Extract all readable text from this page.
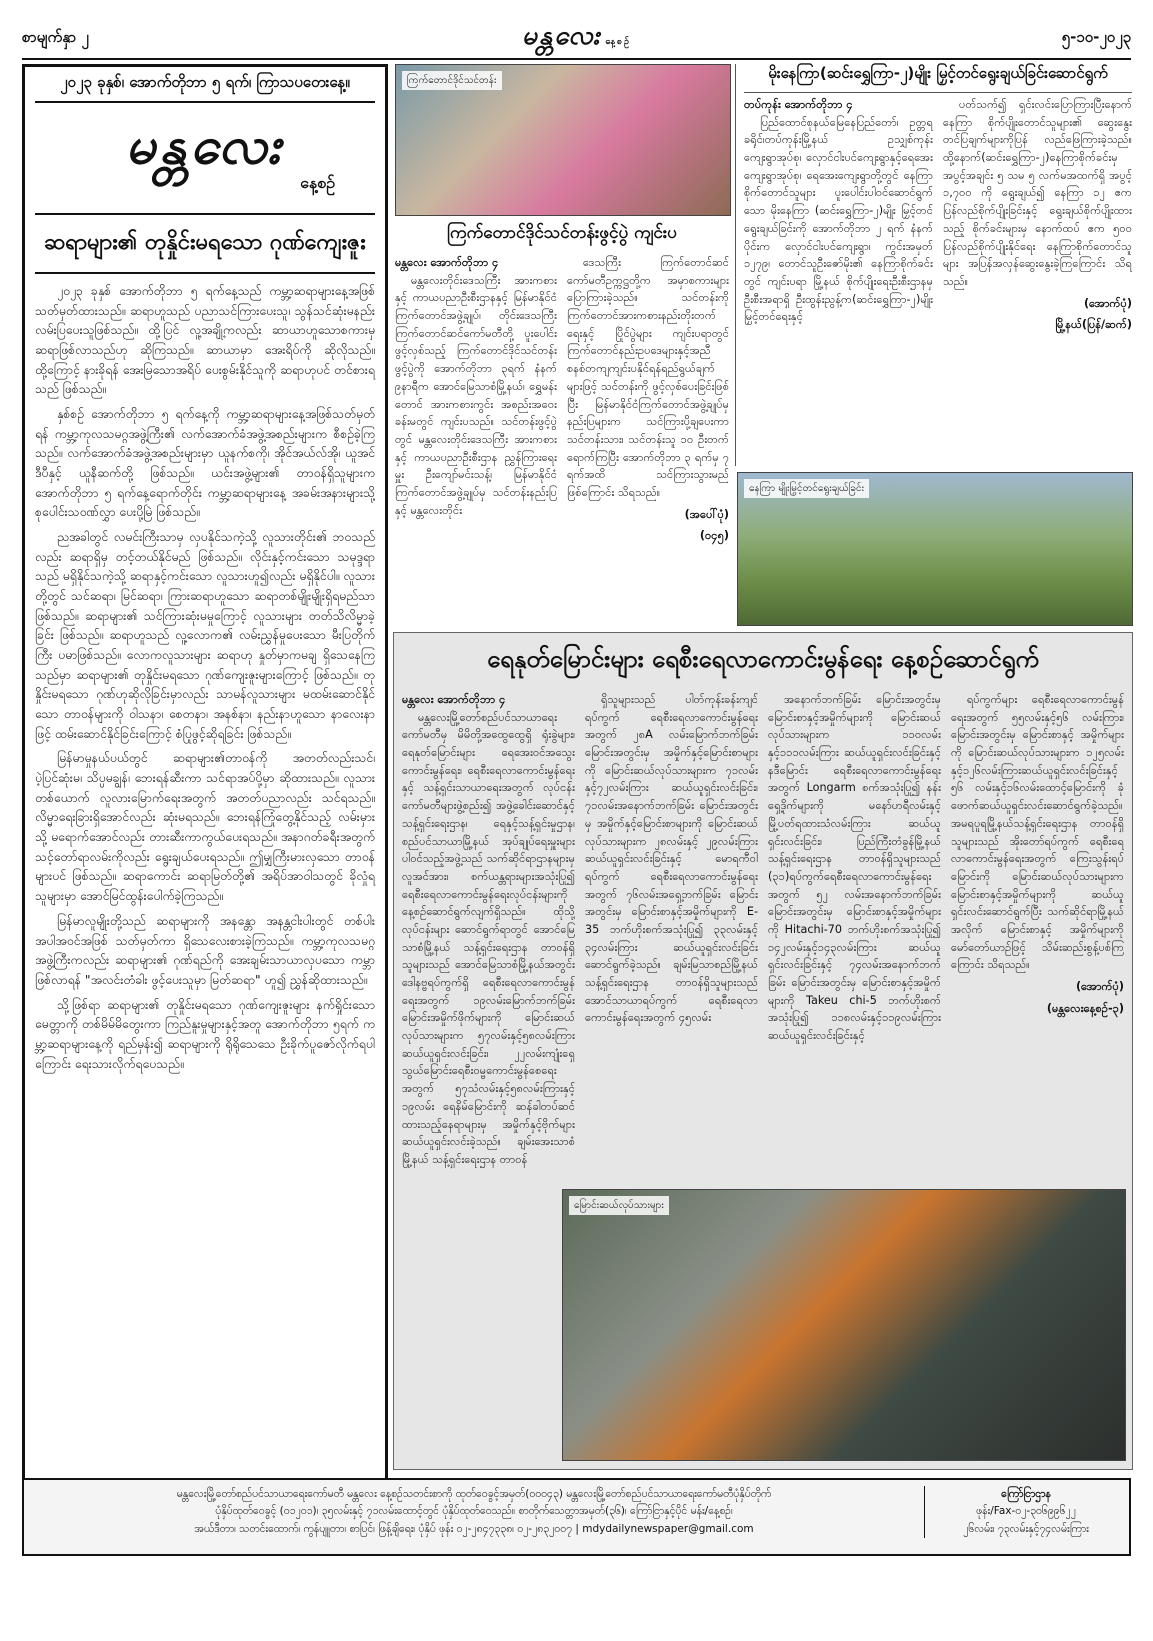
စာမျက်နှာ ၂	မန္တလေး နေ့စဉ်	၅-၁၀-၂၀၂၃
၂၀၂၃ ခုနှစ်၊ အောက်တိုဘာ ၅ ရက်၊ ကြာသပတေးနေ့။
မန္တလေး
နေ့စဉ်
ဆရာများ၏ တုနှိုင်းမရသော ဂုဏ်ကျေးဇူး

၂၀၂၃ ခုနှစ် အောက်တိုဘာ ၅ ရက်နေ့သည် ကမ္ဘာ့ဆရာများနေ့အဖြစ် သတ်မှတ်ထားသည်။ ဆရာဟူသည် ပညာသင်ကြားပေးသူ၊ သွန်သင်ဆုံးမနည်းလမ်းပြပေးသူဖြစ်သည်။ ထို့ပြင် လူ့အချို့ကလည်း ဆာယာဟူသောစကားမှ ဆရာဖြစ်လာသည်ဟု ဆိုကြသည်။ ဆာယာမှာ အေးရိပ်ကို ဆိုလိုသည်။ ထို့ကြောင့် နားခိုရန် အေးမြသောအရိပ် ပေးစွမ်းနိုင်သူကို ဆရာဟုပင် တင်စားရသည် ဖြစ်သည်။

နှစ်စဉ် အောက်တိုဘာ ၅ ရက်နေ့ကို ကမ္ဘာ့ဆရာများနေ့အဖြစ်သတ်မှတ်ရန် ကမ္ဘာ့ကုလသမဂ္ဂအဖွဲ့ကြီး၏ လက်အောက်ခံအဖွဲ့အစည်းများက စီစဉ်ခဲ့ကြသည်။ လက်အောက်ခံအဖွဲ့အစည်းများမှာ ယူနက်စကို၊ အိုင်အယ်လ်အို၊ ယူအင်ဒီပီနှင့် ယူနီဆက်တို့ ဖြစ်သည်။ ယင်းအဖွဲ့များ၏ တာဝန်ရှိသူများက အောက်တိုဘာ ၅ ရက်နေ့ရောက်တိုင်း ကမ္ဘာ့ဆရာများနေ့ အခမ်းအနားများသို့ စုပေါင်းသဝဏ်လွှာ ပေးပို့မြဲ ဖြစ်သည်။

ညအခါတွင် လမင်းကြီးသာမှ လှပနိုင်သကဲ့သို့ လူသားတိုင်း၏ ဘဝသည်လည်း ဆရာရှိမှ တင့်တယ်နိုင်မည် ဖြစ်သည်။ လိုင်းနှင့်ကင်းသော သမုဒ္ဒရာသည် မရှိနိုင်သကဲ့သို့ ဆရာနှင့်ကင်းသော လူသားဟူ၍လည်း မရှိနိုင်ပါ။ လူသားတို့တွင် သင်ဆရာ၊ မြင်ဆရာ၊ ကြားဆရာဟူသော ဆရာတစ်မျိုးမျိုးရှိရမည်သာ ဖြစ်သည်။ ဆရာများ၏ သင်ကြားဆုံးမမှုကြောင့် လူသားများ တတ်သိလိမ္မာခဲ့ခြင်း ဖြစ်သည်။ ဆရာဟူသည် လူ့လောက၏ လမ်းညွှန်မှုပေးသော မီးပြတိုက်ကြီး ပမာဖြစ်သည်။ လောကလူသားများ ဆရာဟု နှုတ်မှာကမချ ရှိသေနေကြသည်မှာ ဆရာများ၏ တုနှိုင်းမရသော ဂုဏ်ကျေးဇူးများကြောင့် ဖြစ်သည်။ တုနှိုင်းမရသော ဂုဏ်ဟုဆိုလိုခြင်းမှာလည်း သာမန်လူသားများ မထမ်းဆောင်နိုင်သော တာဝန်များကို ဝါသနာ၊ စေတနာ၊ အနစ်နာ၊ နည်းနာဟူသော နာလေးနာဖြင့် ထမ်းဆောင်နိုင်ခြင်းကြောင့် စံပြုဖွင့်ဆိုရခြင်း ဖြစ်သည်။

မြန်မာမှုနယ်ပယ်တွင် ဆရာများ၏တာဝန်ကို အတတ်လည်းသင်၊ ပဲ့ပြင်ဆုံးမ၊ သိပ္ပမချွန်၊ ဘေးရန်ဆီးကာ သင်ရာအပ်ပို့မှာ ဆိုထားသည်။ လူသားတစ်ယောက် လူလားမြောက်ရေးအတွက် အတတ်ပညာလည်း သင်ရသည်။ လိမ္မာရေးခြားရှိအောင်လည်း ဆုံးမရသည်။ ဘေးရန်ကြုံတွေ့နိုင်သည့် လမ်းမှားသို့ မရောက်အောင်လည်း တားဆီးကာကွယ်ပေးရသည်။ အနာဂတ်ခရီးအတွက် သင့်တော်ရာလမ်းကိုလည်း ရွေးချယ်ပေးရသည်။ ဤမျှကြီးမားလှသော တာဝန်များပင် ဖြစ်သည်။ ဆရာကောင်း ဆရာမြတ်တို့၏ အရိပ်အာဝါသတွင် ခိုလှုံရသူများမှာ အောင်မြင်ထွန်းပေါက်ခဲ့ကြသည်။

မြန်မာလူမျိုးတို့သည် ဆရာများကို အနန္တော အနန္တငါးပါးတွင် တစ်ပါးအပါအဝင်အဖြစ် သတ်မှတ်ကာ ရှိသေလေးစားခဲ့ကြသည်။ ကမ္ဘာ့ကုလသမဂ္ဂအဖွဲ့ကြီးကလည်း ဆရာများ၏ ဂုဏ်ရည်ကို အေးချမ်းသာယာလှပသော ကမ္ဘာဖြစ်လာရန် "အလင်းတံခါး ဖွင့်ပေးသူမှာ မြတ်ဆရာ" ဟူ၍ ညွှန်ဆိုထားသည်။

သို့ဖြစ်ရာ ဆရာများ၏ တုနှိုင်းမရသော ဂုဏ်ကျေးဇူးများ နက်ရှိုင်းသော မေတ္တာကို တစ်မိမ်မိတွေးကာ ကြည်နူးမှုများနှင့်အတူ အောက်တိုဘာ ၅ရက် ကမ္ဘာ့ဆရာများနေ့ကို ရည်မှန်း၍ ဆရာများကို ရိုရိုသေသေ ဦးခိုက်ပူဇော်လိုက်ရပါကြောင်း ရေးသားလိုက်ရပေသည်။

ကြက်တောင်ဒိုင်သင်တန်း
ကြက်တောင်ဒိုင်သင်တန်းဖွင့်ပွဲ ကျင်းပ
မန္တလေး အောက်တိုဘာ ၄

မန္တလေးတိုင်းဒေသကြီး အားကစားနှင့် ကာယပညာဦးစီးဌာနနှင့် မြန်မာနိုင်ငံကြက်တောင်အဖွဲ့ချုပ်၊ တိုင်းဒေသကြီး ကြက်တောင်ဆင်ကော်မတီတို့ ပူးပေါင်းဖွင့်လှစ်သည့် ကြက်တောင်ဒိုင်သင်တန်းဖွင့်ပွဲကို အောက်တိုဘာ ၃ရက် နံနက် ၉နာရီက အောင်မြေသာစံမြို့နယ်၊ ရွှေမန်းတောင် အားကစားကွင်း အစည်းအဝေးခန်းမတွင် ကျင်းပသည်။ သင်တန်းဖွင့်ပွဲတွင် မန္တလေးတိုင်းဒေသကြီး အားကစားနှင့် ကာယပညာဦးစီးဌာန ညွှန်ကြားရေးမှူး ဦးကျော်မင်းသန့်၊ မြန်မာနိုင်ငံကြက်တောင်အဖွဲ့ချုပ်မှ သင်တန်းနည်းပြနှင့် မန္တလေးတိုင်း

ဒေသကြီး ကြက်တောင်ဆင်ကော်မတီဥက္ကဋ္ဌတို့က အမှာစကားများ ပြောကြားခဲ့သည်။ သင်တန်းကို ကြက်တောင်အားကစားနည်းတိုးတက်ရေးနှင့် ပြိုင်ပွဲများ ကျင်းပရာတွင် ကြက်တောင်နည်းဥပဒေများနှင့်အညီ စနစ်တကျကျင်းပနိုင်ရန်ရည်ရွယ်ချက်များဖြင့် သင်တန်းကို ဖွင့်လှစ်ပေးခြင်းဖြစ်ပြီး မြန်မာနိုင်ငံကြက်တောင်အဖွဲ့ချုပ်မှ နည်းပြများက သင်ကြားပို့ချပေးကာ သင်တန်းသား၊ သင်တန်းသူ ၁၀ ဦးတက်ရောက်ကြပြီး အောက်တိုဘာ ၃ ရက်မှ ၇ ရက်အထိ သင်ကြားသွားမည်ဖြစ်ကြောင်း သိရသည်။

(အပေါ်ပုံ)
(၀၄၅)
မိုးနေကြာ(ဆင်းရွှေကြာ-၂)မျိုး မြှင့်တင်ရွေးချယ်ခြင်းဆောင်ရွက်
တပ်ကုန်း အောက်တိုဘာ ၄

ပြည်ထောင်စုနယ်မြေနေပြည်တော်၊ ဥတ္တရခရိုင်၊တပ်ကုန်းမြို့နယ် ဥသျှစ်ကုန်းကျေးရွာအုပ်စု၊ လှောင်ငါးပင်ကျေးရွာနှင့်ရေအေးကျေးရွာအုပ်စု၊ ရေအေးကျေးရွာတို့တွင် နေကြာစိုက်တောင်သူများ ပူးပေါင်းပါဝင်ဆောင်ရွက်သော မိုးနေကြာ (ဆင်းရွှေကြာ-၂)မျိုး မြှင့်တင်ရွေးချယ်ခြင်းကို အောက်တိုဘာ ၂ ရက် နံနက်ပိုင်းက လှောင်ငါးပင်ကျေးရွာ၊ ကွင်းအမှတ် ၁၂၇၉၊ တောင်သူဦးဇော်မိုး၏ နေကြာစိုက်ခင်းတွင် ကျင်းပရာ မြို့နယ် စိုက်ပျိုးရေးဦးစီးဌာနမှ ဦးစီးအရာရှိ ဦးထွန်းညွန့်က(ဆင်းရွှေကြာ-၂)မျိုး မြှင့်တင်ရေးနှင့်

ပတ်သက်၍ ရှင်းလင်းပြောကြားပြီးနောက် နေကြာ စိုက်ပျိုးတောင်သူများ၏ ဆွေးနွေးတင်ပြချက်များကိုပြန် လည်ဖြေကြားခဲ့သည်။ ထို့နောက်(ဆင်းရွှေကြာ-၂)နေကြာစိုက်ခင်းမှ အပွင့်အချင်း ၅ သမ ၅ လက်မအထက်ရှိ အပွင့် ၁,၇၀၀ ကို ရွေးချယ်၍ နေကြာ ၁၂ ဧက ပြန်လည်စိုက်ပျိုးခြင်းနှင့် ရွေးချယ်စိုက်ပျိုးထားသည့် စိုက်ခင်းများမှ နောက်ထပ် ဧက ၅၀၀ ပြန်လည်စိုက်ပျိုးနိုင်ရေး နေကြာစိုက်တောင်သူများ အပြန်အလှန်ဆွေးနွေးခဲ့ကြကြောင်း သိရသည်။

(အောက်ပုံ)
မြို့နယ်(ပြန်/ဆက်)
နေကြာ မျိုးမြှင့်တင်ရွေးချယ်ခြင်း
ရေနုတ်မြောင်းများ ရေစီးရေလာကောင်းမွန်ရေး နေ့စဉ်ဆောင်ရွက်
မန္တလေး အောက်တိုဘာ ၄

မန္တလေးမြို့တော်စည်ပင်သာယာရေးကော်မတီမှ မိမိတို့အထွေထွေရှိ ရုံးခွဲများ၊ ရေနုတ်မြောင်းများ ရေအေးဝင်အသွေးကောင်းမွန်ရေး၊ ရေစီးရေလာကောင်းမွန်ရေးနှင့် သန့်ရှင်းသာယာရေးအတွက် လုပ်ငန်းကော်မတီများဖွဲ့စည်း၍ အဖွဲ့ခေါင်းဆောင်နှင့် သန့်ရှင်းရေးဌာန၊ ရေနှင့်သန့်ရှင်းမှုဌာန၊ စည်ပင်သာယာမြို့နယ် အုပ်ချုပ်ရေးမှူးများ ပါဝင်သည့်အဖွဲ့သည် သက်ဆိုင်ရာဌာနများမှ လူအင်အား၊ စက်ယန္တရားများအသုံးပြု၍ ရေစီးရေလာကောင်းမွန်ရေးလုပ်ငန်းများကို နေ့စဉ်ဆောင်ရွက်လျက်ရှိသည်။ ထိုသို့လုပ်ငန်းများ ဆောင်ရွက်ရာတွင် အောင်မြေသာစံမြို့နယ် သန့်ရှင်းရေးဌာန တာဝန်ရှိသူများသည် အောင်မြေသာစံမြို့နယ်အတွင်း ဒေါနဗ္ဗရပ်ကွက်ရှိ ရေစီးရေလာကောင်းမွန်ရေးအတွက် ၁၉လမ်းမြောက်ဘက်ခြမ်း မြောင်းအမှိုက်ဖိုက်များကို မြောင်းဆယ်လုပ်သားများက ၅၇လမ်းနှင့်၅၈လမ်းကြားဆယ်ယူရှင်းလင်းခြင်း၊ ၂၂လမ်းကျုံးရှေ့သွယ်မြောင်းရေစီးဝမ္ဗကောင်းမွန်စေရေးအတွက် ၅၇သံလမ်းနှင့်၅၈လမ်းကြားနှင့် ၁၉လမ်း ရေနိမ်မြောင်းကို ဆန်ခါတပ်ဆင်ထားသည့်နေရာများမှ အမှိုက်နှင့်ဗိုက်များ ဆယ်ယူရှင်းလင်းခဲ့သည်။ ချမ်းအေးသာစံမြို့နယ် သန့်ရှင်းရေးဌာန တာဝန်

ရှိသူများသည် ပါတ်ကုန်းခန်းကျင် ရပ်ကွက် ရေစီးရေလာကောင်းမွန်ရေးအတွက် ၂၈A လမ်းမြောက်ဘက်ခြမ်း မြောင်းအတွင်းမှ အမှိုက်နှင့်မြောင်းစာများကို မြောင်းဆယ်လုပ်သားများက ၇၁လမ်းနှင့်၇၂လမ်းကြား ဆယ်ယူရှင်းလင်းခြင်း၊ ၇၁လမ်းအနောက်ဘက်ခြမ်း မြောင်းအတွင်းမှ အမှိုက်နှင့်မြောင်းစာများကို မြောင်းဆယ်လုပ်သားများက ၂၈လမ်းနှင့် ၂၉လမ်းကြား ဆယ်ယူရှင်းလင်းခြင်းနှင့် မောရကီဝါရပ်ကွက် ရေစီးရေလာကောင်းမွန်ရေးအတွက် ၇၆လမ်းအရှေ့ဘက်ခြမ်း မြောင်းအတွင်းမှ မြောင်းစာနှင့်အမှိုက်များကို E-35 ဘက်ဟိုးစက်အသုံးပြု၍ ၃၃လမ်းနှင့် ၃၄လမ်းကြား ဆယ်ယူရှင်းလင်းခြင်း ဆောင်ရွက်ခဲ့သည်။ ချမ်းမြသာစည်မြို့နယ် သန့်ရှင်းရေးဌာန တာဝန်ရှိသူများသည် အောင်သာယာရပ်ကွက် ရေစီးရေလာကောင်းမွန်ရေးအတွက် ၄၅လမ်း

အနောက်ဘက်ခြမ်း မြောင်းအတွင်းမှ မြောင်းစာနှင့်အမှိုက်များကို မြောင်းဆယ်လုပ်သားများက ၁၁၀လမ်းနှင့်၁၁၁လမ်းကြား ဆယ်ယူရှင်းလင်းခြင်းနှင့် နဒီမြောင်း ရေစီးရေလာကောင်းမွန်ရေးအတွက် Longarm စက်အသုံးပြု၍ နန်းရှေ့ဒိုက်များကို မနော်ဟရီလမ်းနှင့် မြို့ပတ်ရထားသံလမ်းကြား ဆယ်ယူရှင်းလင်းခြင်း၊ ပြည်ကြီးတံခွန်မြို့နယ်သန့်ရှင်းရေးဌာန တာဝန်ရှိသူများသည် (၃၁)ရပ်ကွက်ရေစီးရေလာကောင်းမွန်ရေးအတွက် ၅၂ လမ်းအနောက်ဘက်ခြမ်းမြောင်းအတွင်းမှ မြောင်းစာနှင့်အမှိုက်များကို Hitachi-70 ဘက်ဟိုးစက်အသုံးပြု၍ ၁၄၂လမ်းနှင့်၁၄၃လမ်းကြား ဆယ်ယူရှင်းလင်းခြင်းနှင့် ၇၄လမ်းအနောက်ဘက်ခြမ်း မြောင်းအတွင်းမှ မြောင်းစာနှင့်အမှိုက်များကို Takeu chi-5 ဘက်ဟိုးစက်အသုံးပြု၍ ၁၁၈လမ်းနှင့်၁၁၉လမ်းကြား ဆယ်ယူရှင်းလင်းခြင်းနှင့်

ရပ်ကွက်များ ရေစီးရေလာကောင်းမွန်ရေးအတွက် ၅၅လမ်းနှင့်၅၆ လမ်းကြား၊ မြောင်းအတွင်းမှ မြောင်းစာနှင့် အမှိုက်များကို မြောင်းဆယ်လုပ်သားများက ၁၂၅လမ်းနှင့်၁၂၆လမ်းကြားဆယ်ယူရှင်းလင်းခြင်းနှင့် ၅၆ လမ်းနှင့်၁၆လမ်းထောင့်မြောင်းကို ခုံဖောက်ဆယ်ယူရှင်းလင်းဆောင်ရွက်ခဲ့သည်။ အမရပူရမြို့နယ်သန့်ရှင်းရေးဌာန တာဝန်ရှိသူများသည် အိုးတော်ရပ်ကွက် ရေစီးရေလာကောင်းမွန်ရေးအတွက် ကြေးသွန်းရပ်မြောင်းကို မြောင်းဆယ်လုပ်သားများက မြောင်းစာနှင့်အမှိုက်များကို ဆယ်ယူရှင်းလင်းဆောင်ရွက်ပြီး သက်ဆိုင်ရာမြို့နယ်အလိုက် မြောင်းစာနှင့် အမှိုက်များကို မော်တော်ယာဉ်ဖြင့် သိမ်းဆည်းစွန့်ပစ်ကြကြောင်း သိရသည်။

(အောက်ပုံ)
(မန္တလေးနေ့စဉ်-၃)
မြောင်းဆယ်လုပ်သားများ
မန္တလေးမြို့တော်စည်ပင်သာယာရေးကော်မတီ မန္တလေး နေ့စဉ်သတင်းစာကို ထုတ်ဝေခွင့်အမှတ်(၀၀၀၄၃) မန္တလေးမြို့တော်စည်ပင်သာယာရေးကော်မတီပုံနှိပ်တိုက်
ပုံနှိပ်ထုတ်ဝေခွင့် (၀၁၂၀၁)၊ ၃၅လမ်းနှင့် ၇၁လမ်းထောင့်တွင် ပုံနှိပ်ထုတ်ဝေသည်။ စာတိုက်သေတ္တာအမှတ်(၃၆)၊ ကြော်ငြာနှင့်ပိုင် မန်း/နေ့စဉ်၊
အယ်ဒီတာ၊ သတင်းထောက်၊ ကွန်ပျူတာ၊ စာပြင်၊ ဖြန့်ချိရေး၊ ပုံနှိပ် ဖုန်း ၀၂-၂၈၄၇၃၃၈၊ ၀၂-၂၈၃၂၀၀၇ | mdydailynewspaper@gmail.com
ကြော်ငြာဌာန
ဖုန်း/Fax-၀၂-၃၀၆၉၉၆၂၂
၂၆လမ်း၊ ၇၃လမ်းနှင့်၇၄လမ်းကြား
